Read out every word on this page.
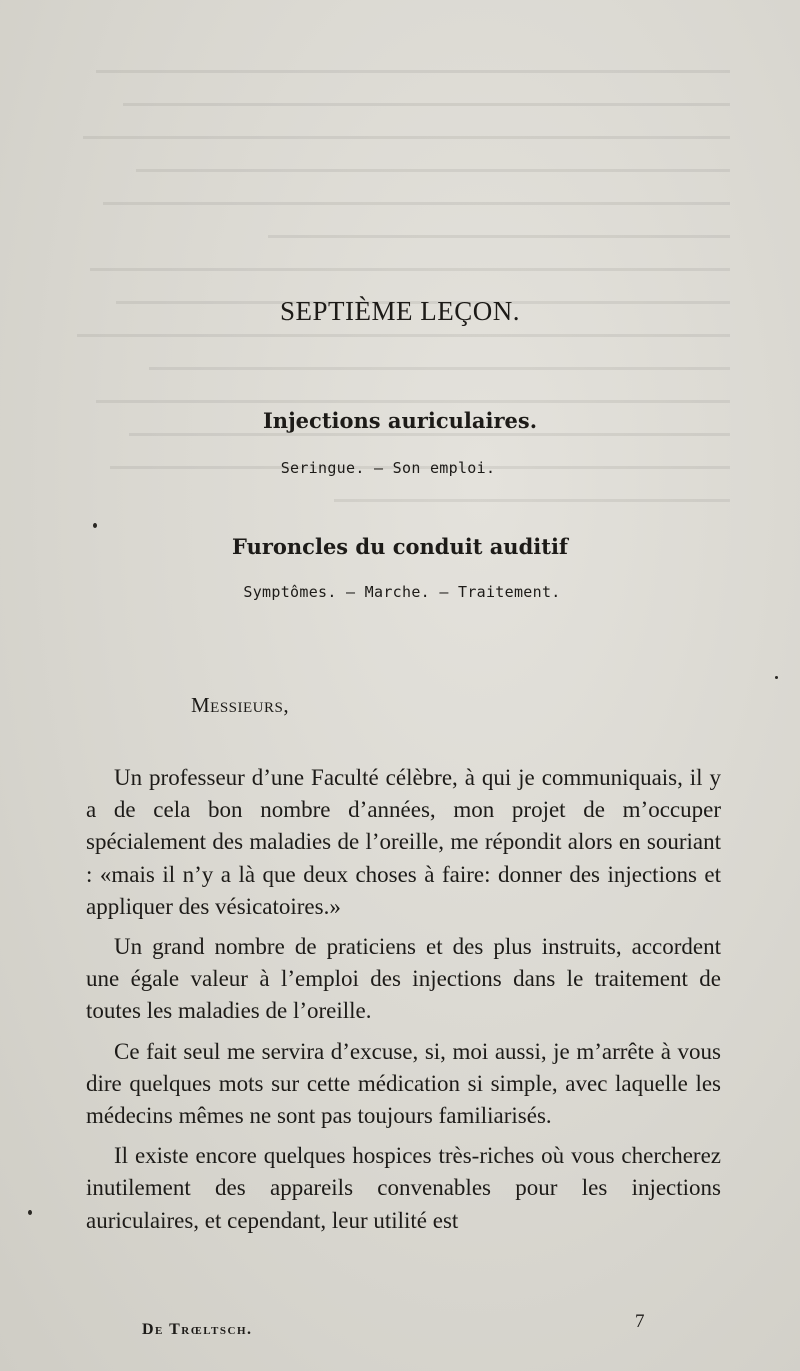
SEPTIÈME LEÇON.
Injections auriculaires.
Seringue. — Son emploi.
Furoncles du conduit auditif
Symptômes. — Marche. — Traitement.
Messieurs,

Un professeur d’une Faculté célèbre, à qui je communiquais, il y a de cela bon nombre d’années, mon projet de m’occuper spécialement des maladies de l’oreille, me répondit alors en souriant : «mais il n’y a là que deux choses à faire: donner des injections et appliquer des vésicatoires.»

Un grand nombre de praticiens et des plus instruits, accordent une égale valeur à l’emploi des injections dans le traitement de toutes les maladies de l’oreille.

Ce fait seul me servira d’excuse, si, moi aussi, je m’arrête à vous dire quelques mots sur cette médication si simple, avec laquelle les médecins mêmes ne sont pas toujours familiarisés.

Il existe encore quelques hospices très-riches où vous chercherez inutilement des appareils convenables pour les injections auriculaires, et cependant, leur utilité est

De Trœltsch.	7
